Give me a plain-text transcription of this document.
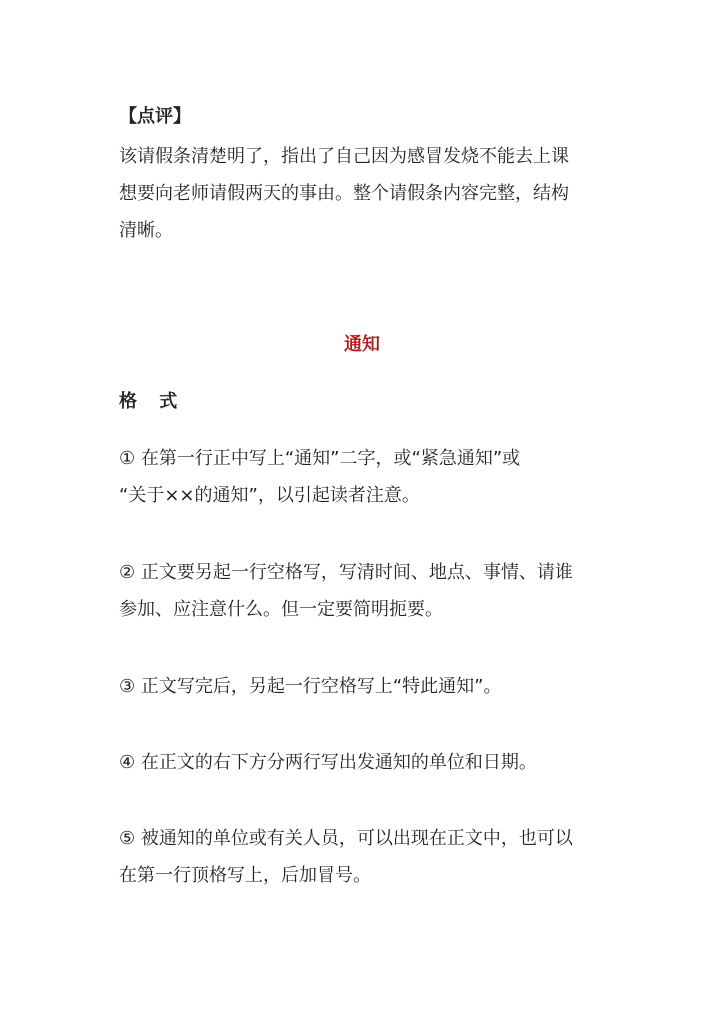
【点评】

该请假条清楚明了，指出了自己因为感冒发烧不能去上课

想要向老师请假两天的事由。整个请假条内容完整，结构

清晰。

通知

格 式

① 在第一行正中写上“通知”二字，或“紧急通知”或

“关于××的通知”，以引起读者注意。

② 正文要另起一行空格写，写清时间、地点、事情、请谁

参加、应注意什么。但一定要简明扼要。

③ 正文写完后，另起一行空格写上“特此通知”。

④ 在正文的右下方分两行写出发通知的单位和日期。

⑤ 被通知的单位或有关人员，可以出现在正文中，也可以

在第一行顶格写上，后加冒号。
